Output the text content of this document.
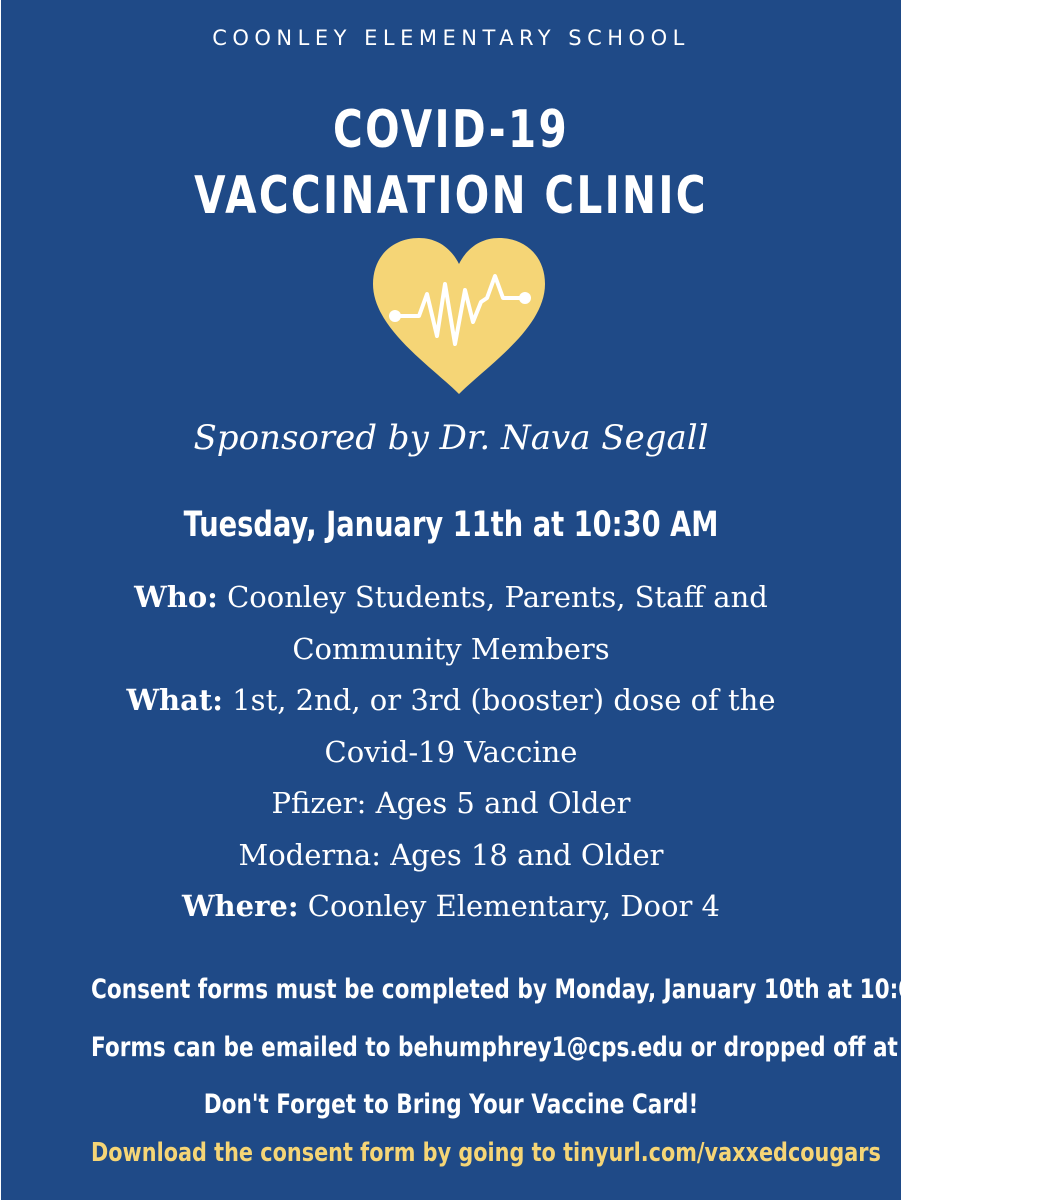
COONLEY ELEMENTARY SCHOOL
COVID-19
VACCINATION CLINIC
Sponsored by Dr. Nava Segall
Tuesday, January 11th at 10:30 AM
Who: Coonley Students, Parents, Staff and
Community Members
What: 1st, 2nd, or 3rd (booster) dose of the
Covid-19 Vaccine
Pfizer: Ages 5 and Older
Moderna: Ages 18 and Older
Where: Coonley Elementary, Door 4
Consent forms must be completed by Monday, January 10th at 10:00 AM.
Forms can be emailed to behumphrey1@cps.edu or dropped off at the school.
Don't Forget to Bring Your Vaccine Card!
Download the consent form by going to tinyurl.com/vaxxedcougars
